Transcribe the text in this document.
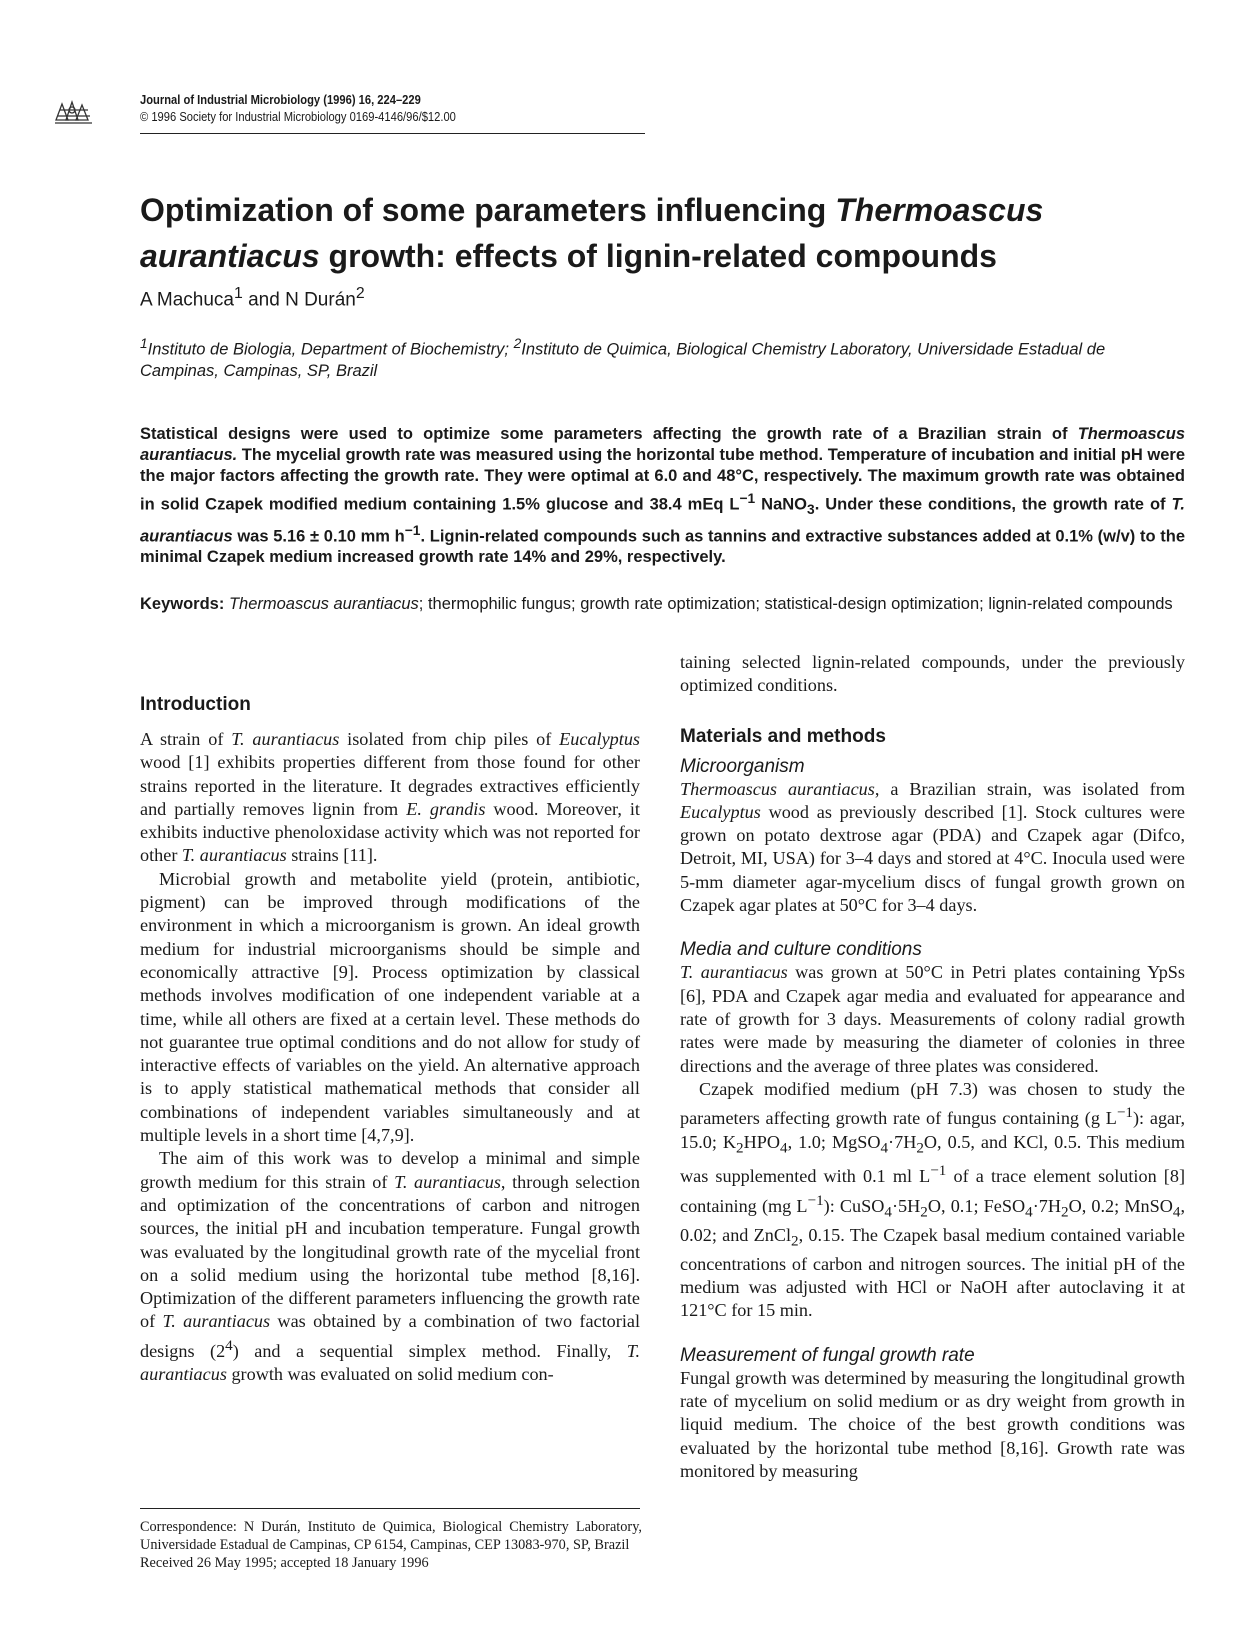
Journal of Industrial Microbiology (1996) 16, 224–229
© 1996 Society for Industrial Microbiology 0169-4146/96/$12.00
Optimization of some parameters influencing Thermoascus
aurantiacus growth: effects of lignin-related compounds
A Machuca$^1$ and N Durán$^2$
$^1$Instituto de Biologia, Department of Biochemistry; $^2$Instituto de Quimica, Biological Chemistry Laboratory, Universidade Estadual de Campinas, Campinas, SP, Brazil

Statistical designs were used to optimize some parameters affecting the growth rate of a Brazilian strain of Thermoascus aurantiacus. The mycelial growth rate was measured using the horizontal tube method. Temperature of incubation and initial pH were the major factors affecting the growth rate. They were optimal at 6.0 and 48°C, respectively. The maximum growth rate was obtained in solid Czapek modified medium containing 1.5% glucose and 38.4 mEq $L^{-1}$ NaNO$_3$. Under these conditions, the growth rate of T. aurantiacus was 5.16 ± 0.10 mm $h^{-1}$. Lignin-related compounds such as tannins and extractive substances added at 0.1% (w/v) to the minimal Czapek medium increased growth rate 14% and 29%, respectively.

Keywords: Thermoascus aurantiacus; thermophilic fungus; growth rate optimization; statistical-design optimization; lignin-related compounds

Introduction

A strain of T. aurantiacus isolated from chip piles of Eucalyptus wood [1] exhibits properties different from those found for other strains reported in the literature. It degrades extractives efficiently and partially removes lignin from E. grandis wood. Moreover, it exhibits inductive phenoloxidase activity which was not reported for other T. aurantiacus strains [11].

Microbial growth and metabolite yield (protein, antibiotic, pigment) can be improved through modifications of the environment in which a microorganism is grown. An ideal growth medium for industrial microorganisms should be simple and economically attractive [9]. Process optimization by classical methods involves modification of one independent variable at a time, while all others are fixed at a certain level. These methods do not guarantee true optimal conditions and do not allow for study of interactive effects of variables on the yield. An alternative approach is to apply statistical mathematical methods that consider all combinations of independent variables simultaneously and at multiple levels in a short time [4,7,9].

The aim of this work was to develop a minimal and simple growth medium for this strain of T. aurantiacus, through selection and optimization of the concentrations of carbon and nitrogen sources, the initial pH and incubation temperature. Fungal growth was evaluated by the longitudinal growth rate of the mycelial front on a solid medium using the horizontal tube method [8,16]. Optimization of the different parameters influencing the growth rate of T. aurantiacus was obtained by a combination of two factorial designs $(2^4)$ and a sequential simplex method. Finally, T. aurantiacus growth was evaluated on solid medium con-

taining selected lignin-related compounds, under the previously optimized conditions.

Materials and methods
Microorganism

Thermoascus aurantiacus, a Brazilian strain, was isolated from Eucalyptus wood as previously described [1]. Stock cultures were grown on potato dextrose agar (PDA) and Czapek agar (Difco, Detroit, MI, USA) for 3–4 days and stored at 4°C. Inocula used were 5-mm diameter agar-mycelium discs of fungal growth grown on Czapek agar plates at 50°C for 3–4 days.

Media and culture conditions

T. aurantiacus was grown at 50°C in Petri plates containing YpSs [6], PDA and Czapek agar media and evaluated for appearance and rate of growth for 3 days. Measurements of colony radial growth rates were made by measuring the diameter of colonies in three directions and the average of three plates was considered.

Czapek modified medium (pH 7.3) was chosen to study the parameters affecting growth rate of fungus containing (g $L^{-1}$): agar, 15.0; $K_2HPO_4$, 1.0; $MgSO_4\cdot 7H_2O$, 0.5, and KCl, 0.5. This medium was supplemented with 0.1 ml $L^{-1}$ of a trace element solution [8] containing (mg $L^{-1}$): $CuSO_4\cdot 5H_2O$, 0.1; $FeSO_4\cdot 7H_2O$, 0.2; MnSO$_4$, 0.02; and ZnCl$_2$, 0.15. The Czapek basal medium contained variable concentrations of carbon and nitrogen sources. The initial pH of the medium was adjusted with HCl or NaOH after autoclaving it at 121°C for 15 min.

Measurement of fungal growth rate

Fungal growth was determined by measuring the longitudinal growth rate of mycelium on solid medium or as dry weight from growth in liquid medium. The choice of the best growth conditions was evaluated by the horizontal tube method [8,16]. Growth rate was monitored by measuring

Correspondence: N Durán, Instituto de Quimica, Biological Chemistry Laboratory, Universidade Estadual de Campinas, CP 6154, Campinas, CEP 13083-970, SP, Brazil

Received 26 May 1995; accepted 18 January 1996
